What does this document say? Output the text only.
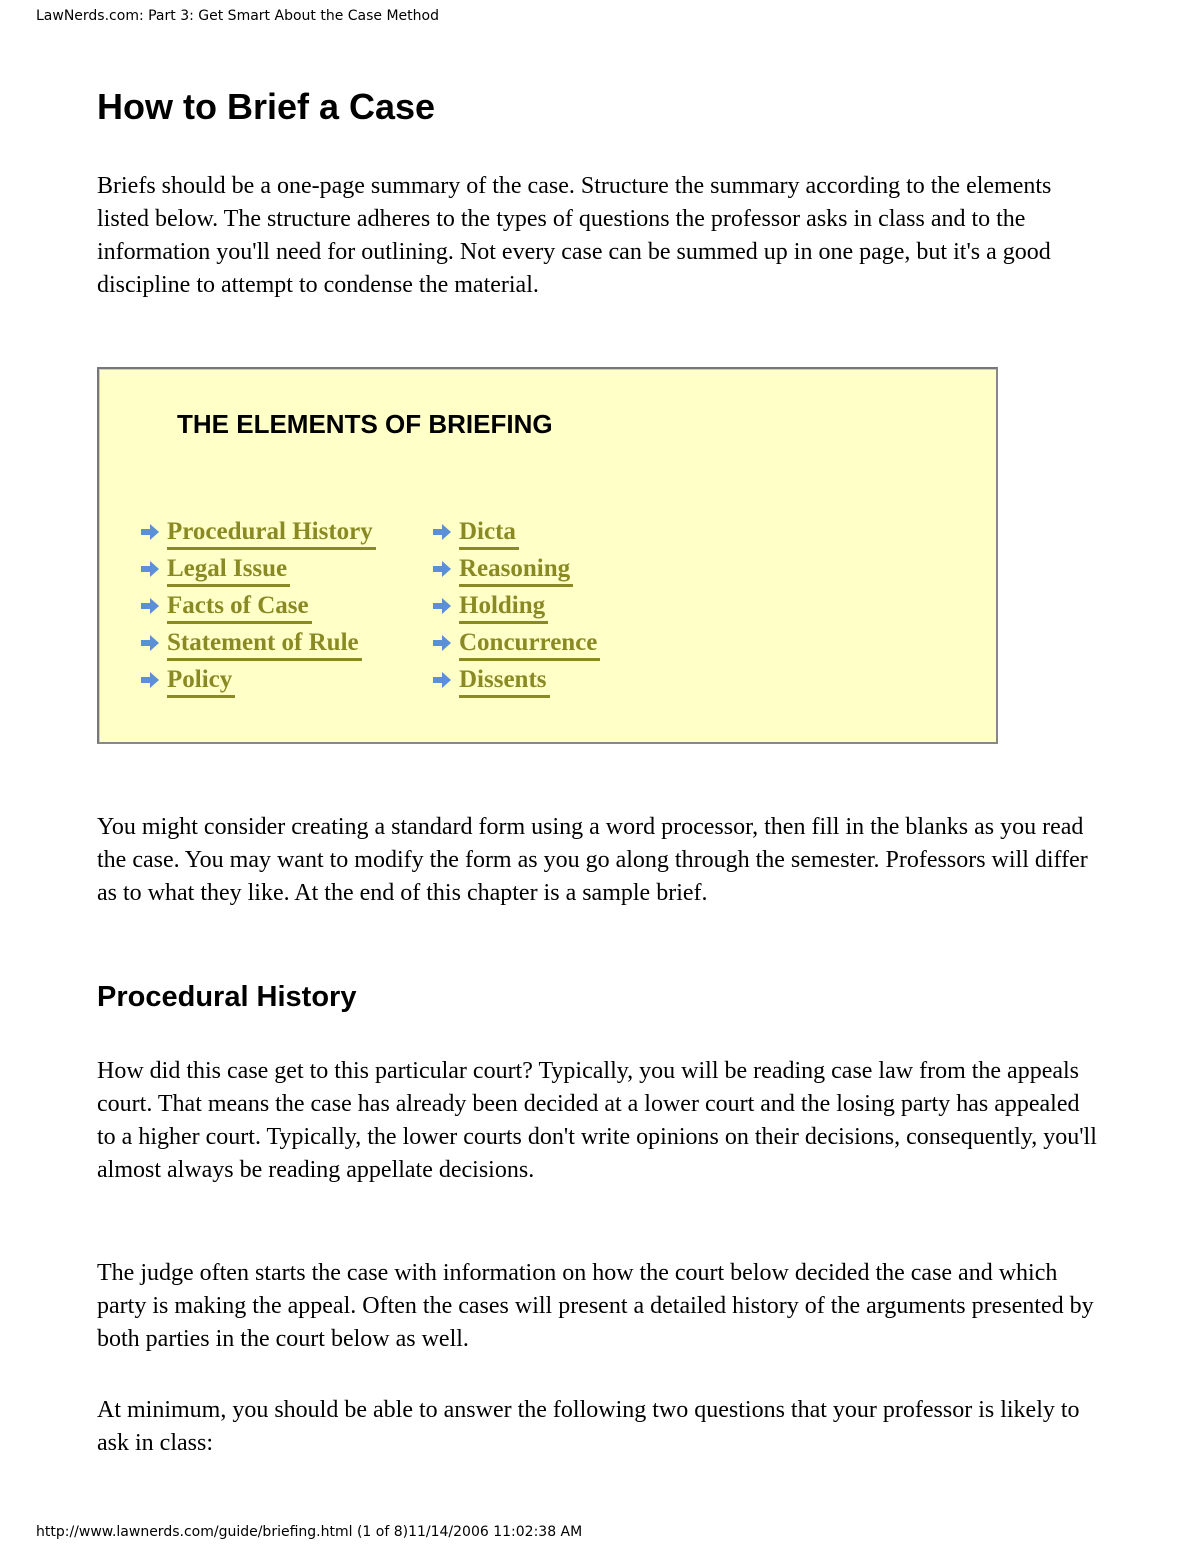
LawNerds.com: Part 3: Get Smart About the Case Method
How to Brief a Case

Briefs should be a one-page summary of the case. Structure the summary according to the elements listed below. The structure adheres to the types of questions the professor asks in class and to the information you'll need for outlining. Not every case can be summed up in one page, but it's a good discipline to attempt to condense the material.

THE ELEMENTS OF BRIEFING
Procedural History
Legal Issue
Facts of Case
Statement of Rule
Policy
Dicta
Reasoning
Holding
Concurrence
Dissents

You might consider creating a standard form using a word processor, then fill in the blanks as you read the case. You may want to modify the form as you go along through the semester. Professors will differ as to what they like. At the end of this chapter is a sample brief.

Procedural History

How did this case get to this particular court? Typically, you will be reading case law from the appeals court. That means the case has already been decided at a lower court and the losing party has appealed to a higher court. Typically, the lower courts don't write opinions on their decisions, consequently, you'll almost always be reading appellate decisions.

The judge often starts the case with information on how the court below decided the case and which party is making the appeal. Often the cases will present a detailed history of the arguments presented by both parties in the court below as well.

At minimum, you should be able to answer the following two questions that your professor is likely to ask in class:

http://www.lawnerds.com/guide/briefing.html (1 of 8)11/14/2006 11:02:38 AM
